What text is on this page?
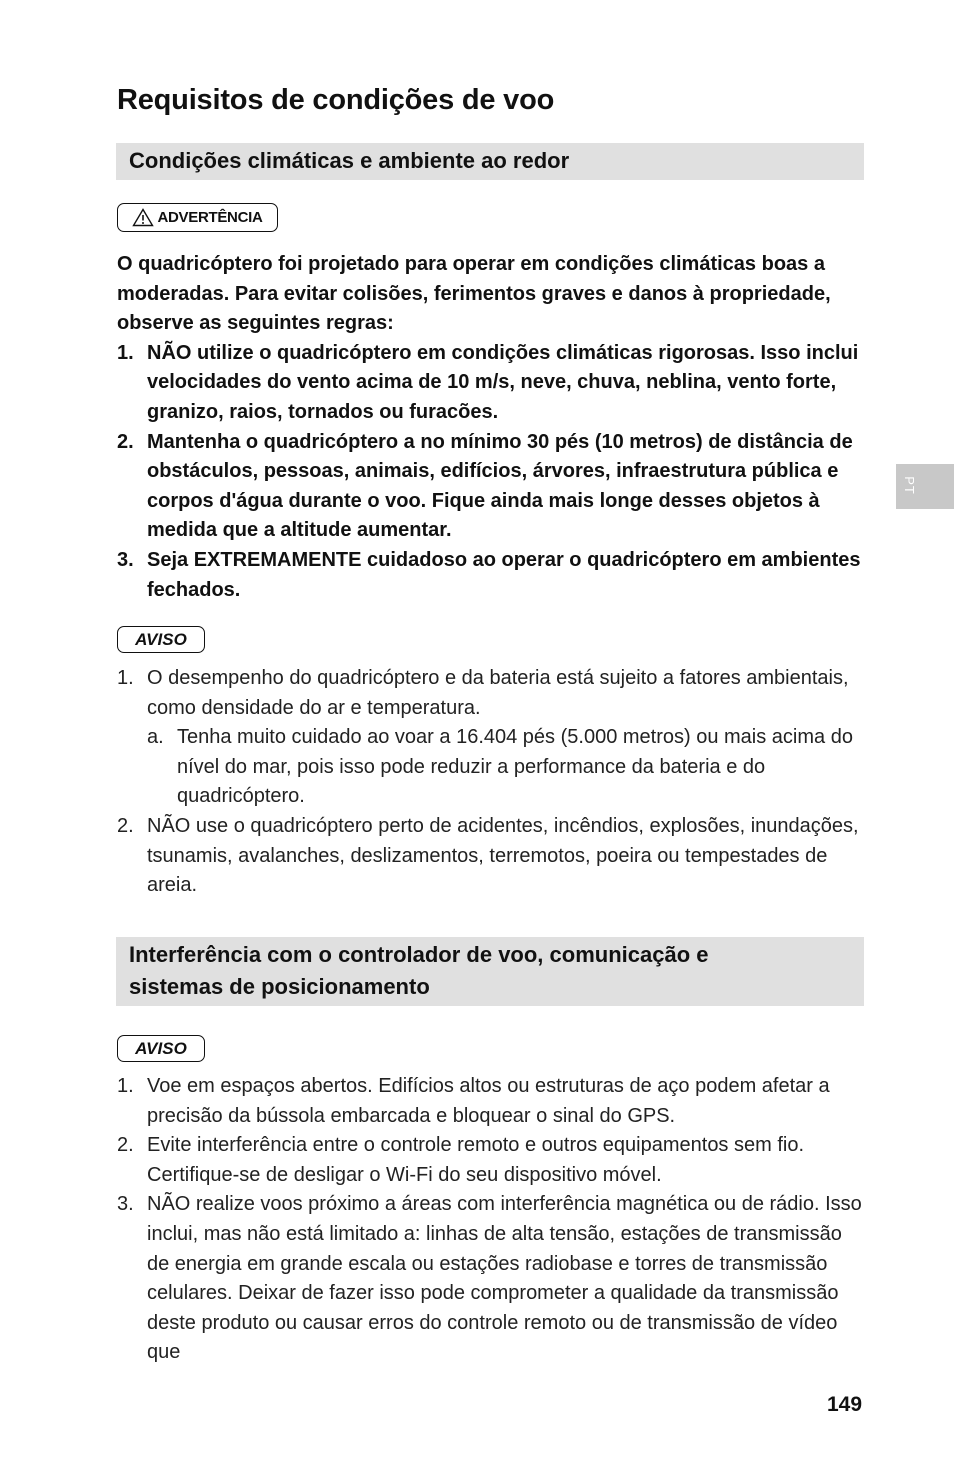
Requisitos de condições de voo
Condições climáticas e ambiente ao redor
ADVERTÊNCIA
O quadricóptero foi projetado para operar em condições climáticas boas a moderadas. Para evitar colisões, ferimentos graves e danos à propriedade, observe as seguintes regras:
1. NÃO utilize o quadricóptero em condições climáticas rigorosas. Isso inclui velocidades do vento acima de 10 m/s, neve, chuva, neblina, vento forte, granizo, raios, tornados ou furacões.
2. Mantenha o quadricóptero a no mínimo 30 pés (10 metros) de distância de obstáculos, pessoas, animais, edifícios, árvores, infraestrutura pública e corpos d'água durante o voo. Fique ainda mais longe desses objetos à medida que a altitude aumentar.
3. Seja EXTREMAMENTE cuidadoso ao operar o quadricóptero em ambientes fechados.
AVISO
1. O desempenho do quadricóptero e da bateria está sujeito a fatores ambientais, como densidade do ar e temperatura.
a. Tenha muito cuidado ao voar a 16.404 pés (5.000 metros) ou mais acima do nível do mar, pois isso pode reduzir a performance da bateria e do quadricóptero.
2. NÃO use o quadricóptero perto de acidentes, incêndios, explosões, inundações, tsunamis, avalanches, deslizamentos, terremotos, poeira ou tempestades de areia.
Interferência com o controlador de voo, comunicação e
sistemas de posicionamento
AVISO
1. Voe em espaços abertos. Edifícios altos ou estruturas de aço podem afetar a precisão da bússola embarcada e bloquear o sinal do GPS.
2. Evite interferência entre o controle remoto e outros equipamentos sem fio. Certifique-se de desligar o Wi-Fi do seu dispositivo móvel.
3. NÃO realize voos próximo a áreas com interferência magnética ou de rádio. Isso inclui, mas não está limitado a: linhas de alta tensão, estações de transmissão de energia em grande escala ou estações radiobase e torres de transmissão celulares. Deixar de fazer isso pode comprometer a qualidade da transmissão deste produto ou causar erros do controle remoto ou de transmissão de vídeo que
PT
149
